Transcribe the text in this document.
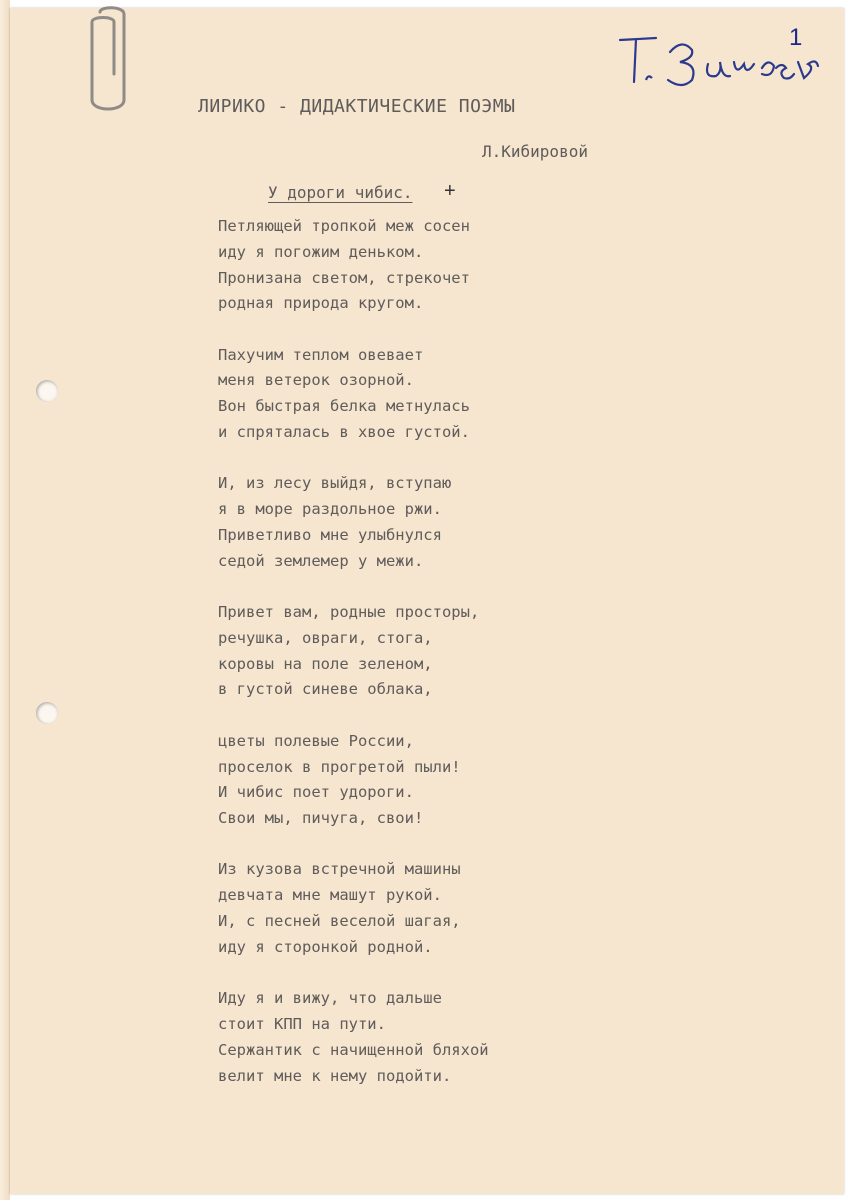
1
ЛИРИКО - ДИДАКТИЧЕСКИЕ ПОЭМЫ
Л.Кибировой
У дороги чибис. +
Петляющей тропкой меж сосен
иду я погожим деньком.
Пронизана светом, стрекочет
родная природа кругом.
Пахучим теплом овевает
меня ветерок озорной.
Вон быстрая белка метнулась
и спряталась в хвое густой.
И, из лесу выйдя, вступаю
я в море раздольное ржи.
Приветливо мне улыбнулся
седой землемер у межи.
Привет вам, родные просторы,
речушка, овраги, стога,
коровы на поле зеленом,
в густой синеве облака,
цветы полевые России,
проселок в прогретой пыли!
И чибис поет удороги.
Свои мы, пичуга, свои!
Из кузова встречной машины
девчата мне машут рукой.
И, с песней веселой шагая,
иду я сторонкой родной.
Иду я и вижу, что дальше
стоит КПП на пути.
Сержантик с начищенной бляхой
велит мне к нему подойти.
